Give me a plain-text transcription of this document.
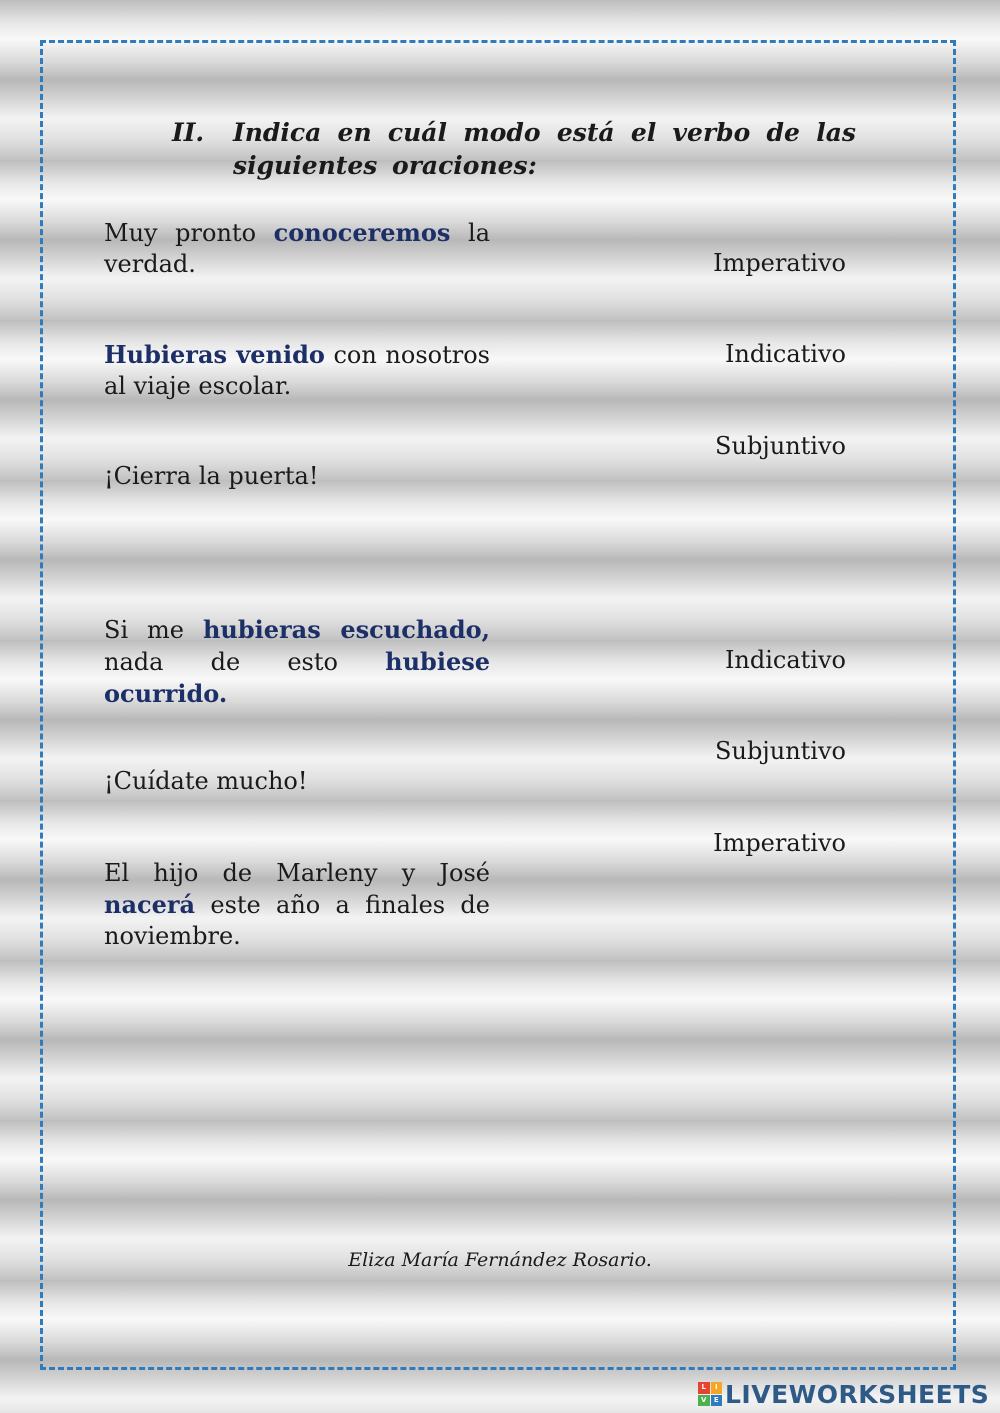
II. Indica en cuál modo está el verbo de las siguientes oraciones:
Muy pronto conoceremos la verdad.
Hubieras venido con nosotros al viaje escolar.
¡Cierra la puerta!
Si me hubieras escuchado, nada de esto hubiese ocurrido.
¡Cuídate mucho!
El hijo de Marleny y José nacerá este año a finales de noviembre.
Imperativo
Indicativo
Subjuntivo
Indicativo
Subjuntivo
Imperativo
Eliza María Fernández Rosario.
L	I
V	E LIVEWORKSHEETS
